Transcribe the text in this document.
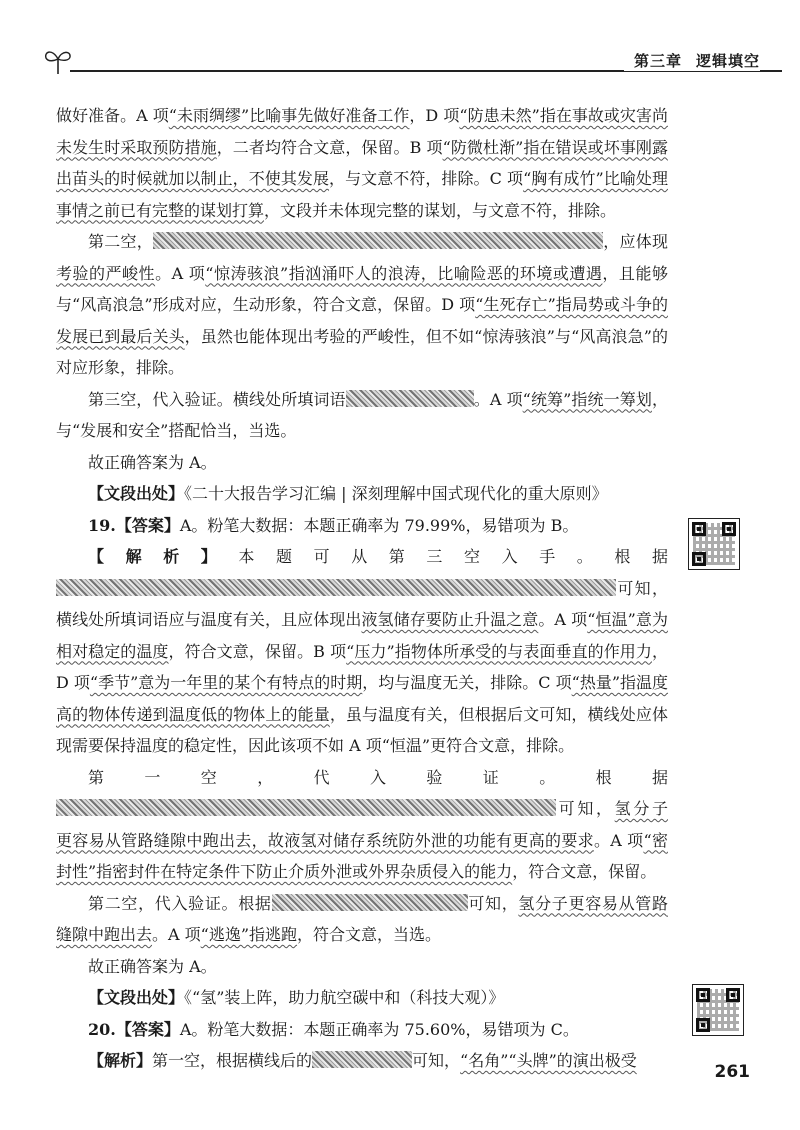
第三章 逻辑填空
做好准备。A 项“未雨绸缪”比喻事先做好准备工作，D 项“防患未然”指在事故或灾害尚未发生时采取预防措施，二者均符合文意，保留。B 项“防微杜渐”指在错误或坏事刚露出苗头的时候就加以制止，不使其发展，与文意不符，排除。C 项“胸有成竹”比喻处理事情之前已有完整的谋划打算，文段并未体现完整的谋划，与文意不符，排除。
第二空，	，应体现考验的严峻性。A 项“惊涛骇浪”指汹涌吓人的浪涛，比喻险恶的环境或遭遇，且能够与“风高浪急”形成对应，生动形象，符合文意，保留。D 项“生死存亡”指局势或斗争的发展已到最后关头，虽然也能体现出考验的严峻性，但不如“惊涛骇浪”与“风高浪急”的对应形象，排除。
第三空，代入验证。横线处所填词语	。A 项“统筹”指统一筹划，与“发展和安全”搭配恰当，当选。
故正确答案为 A。
【文段出处】《二十大报告学习汇编 | 深刻理解中国式现代化的重大原则》
19.【答案】A。粉笔大数据：本题正确率为 79.99%，易错项为 B。
【解析】本题可从第三空入手。根据可知，横线处所填词语应与温度有关，且应体现出液氢储存要防止升温之意。A 项“恒温”意为相对稳定的温度，符合文意，保留。B 项“压力”指物体所承受的与表面垂直的作用力，D 项“季节”意为一年里的某个有特点的时期，均与温度无关，排除。C 项“热量”指温度高的物体传递到温度低的物体上的能量，虽与温度有关，但根据后文可知，横线处应体现需要保持温度的稳定性，因此该项不如 A 项“恒温”更符合文意，排除。
第一空，代入验证。根据可知，氢分子更容易从管路缝隙中跑出去，故液氢对储存系统防外泄的功能有更高的要求。A 项“密封性”指密封件在特定条件下防止介质外泄或外界杂质侵入的能力，符合文意，保留。
第二空，代入验证。根据	可知，氢分子更容易从管路缝隙中跑出去。A 项“逃逸”指逃跑，符合文意，当选。
故正确答案为 A。
【文段出处】《“氢”装上阵，助力航空碳中和（科技大观）》
20.【答案】A。粉笔大数据：本题正确率为 75.60%，易错项为 C。
【解析】第一空，根据横线后的	可知，“名角”“头牌”的演出极受
261
